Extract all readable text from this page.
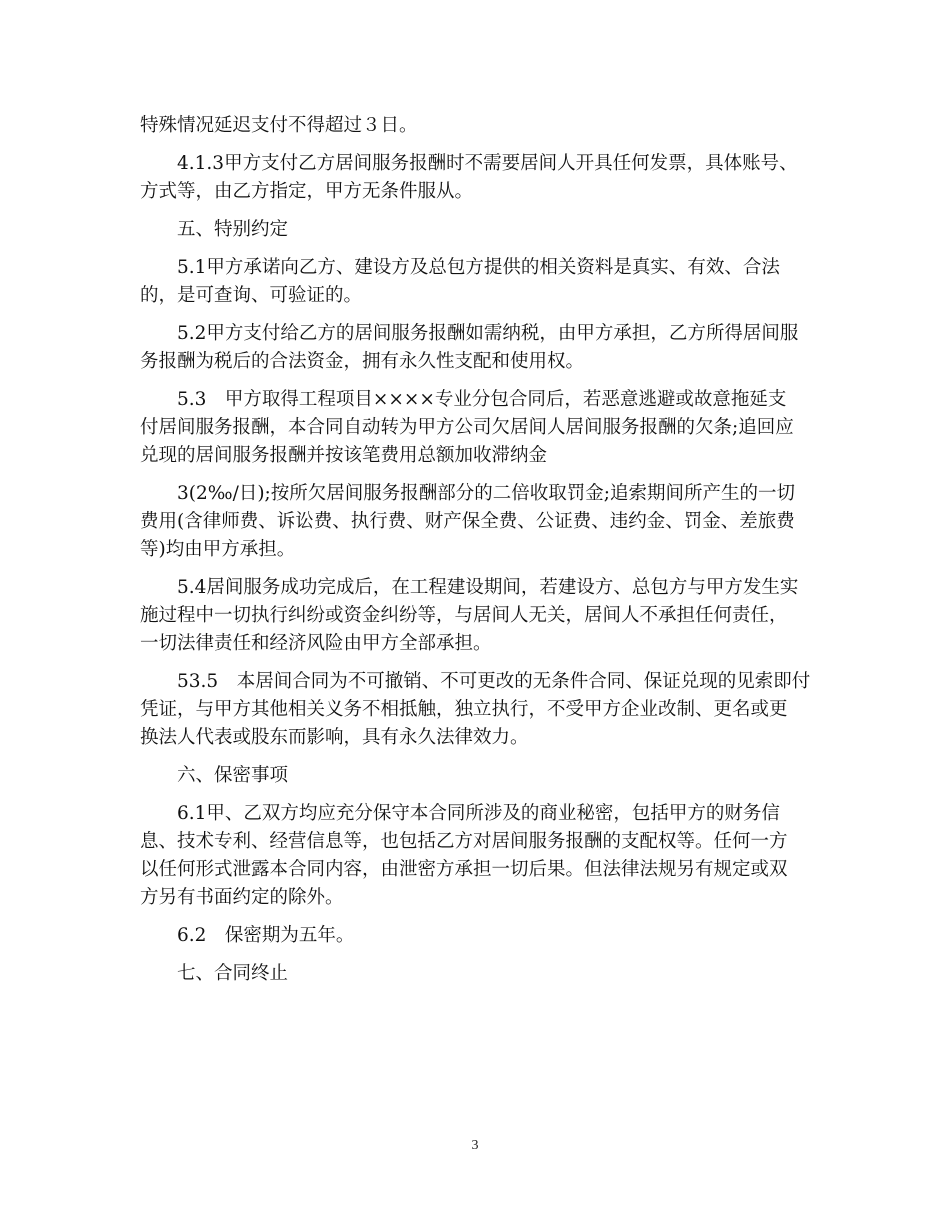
特殊情况延迟支付不得超过３日。
4.1.3甲方支付乙方居间服务报酬时不需要居间人开具任何发票，具体账号、
方式等，由乙方指定，甲方无条件服从。
五、特别约定
5.1甲方承诺向乙方、建设方及总包方提供的相关资料是真实、有效、合法
的，是可查询、可验证的。
5.2甲方支付给乙方的居间服务报酬如需纳税，由甲方承担，乙方所得居间服
务报酬为税后的合法资金，拥有永久性支配和使用权。
5.3　甲方取得工程项目××××专业分包合同后，若恶意逃避或故意拖延支
付居间服务报酬，本合同自动转为甲方公司欠居间人居间服务报酬的欠条;追回应
兑现的居间服务报酬并按该笔费用总额加收滞纳金
3(2‰/日);按所欠居间服务报酬部分的二倍收取罚金;追索期间所产生的一切
费用(含律师费、诉讼费、执行费、财产保全费、公证费、违约金、罚金、差旅费
等)均由甲方承担。
5.4居间服务成功完成后，在工程建设期间，若建设方、总包方与甲方发生实
施过程中一切执行纠纷或资金纠纷等，与居间人无关，居间人不承担任何责任，
一切法律责任和经济风险由甲方全部承担。
53.5　本居间合同为不可撤销、不可更改的无条件合同、保证兑现的见索即付
凭证，与甲方其他相关义务不相抵触，独立执行，不受甲方企业改制、更名或更
换法人代表或股东而影响，具有永久法律效力。
六、保密事项
6.1甲、乙双方均应充分保守本合同所涉及的商业秘密，包括甲方的财务信
息、技术专利、经营信息等，也包括乙方对居间服务报酬的支配权等。任何一方
以任何形式泄露本合同内容，由泄密方承担一切后果。但法律法规另有规定或双
方另有书面约定的除外。
6.2　保密期为五年。
七、合同终止
3
